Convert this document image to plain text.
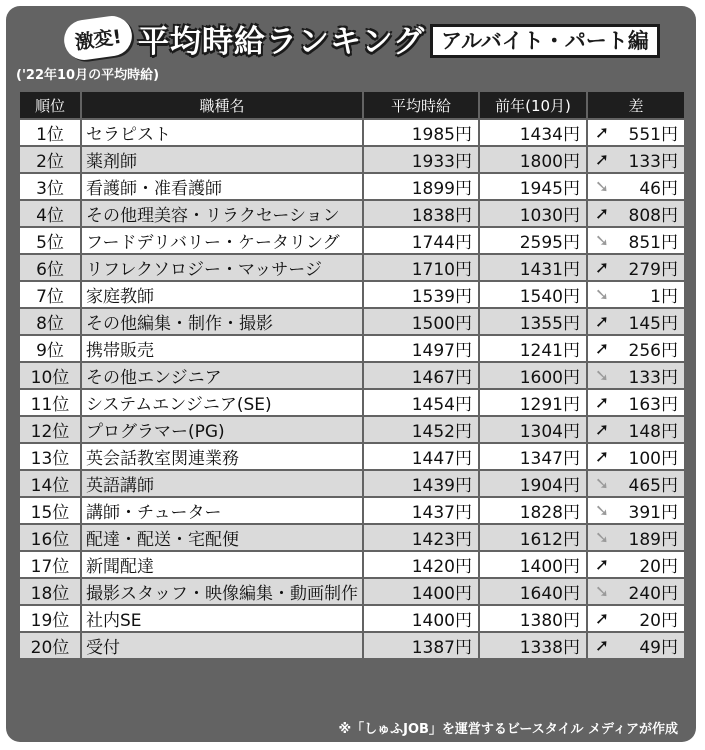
激変! 平均時給ランキング アルバイト・パート編
('22年10月の平均時給)
順位	職種名	平均時給	前年(10月)	差
1位	セラピスト	1985円	1434円	➚ 551円

2位	薬剤師	1933円	1800円	➚ 133円

3位	看護師・准看護師	1899円	1945円	➘ 46円

4位	その他理美容・リラクセーション	1838円	1030円	➚ 808円

5位	フードデリバリー・ケータリング	1744円	2595円	➘ 851円

6位	リフレクソロジー・マッサージ	1710円	1431円	➚ 279円

7位	家庭教師	1539円	1540円	➘ 1円

8位	その他編集・制作・撮影	1500円	1355円	➚ 145円

9位	携帯販売	1497円	1241円	➚ 256円

10位	その他エンジニア	1467円	1600円	➘ 133円

11位	システムエンジニア(SE)	1454円	1291円	➚ 163円

12位	プログラマー(PG)	1452円	1304円	➚ 148円

13位	英会話教室関連業務	1447円	1347円	➚ 100円

14位	英語講師	1439円	1904円	➘ 465円

15位	講師・チューター	1437円	1828円	➘ 391円

16位	配達・配送・宅配便	1423円	1612円	➘ 189円

17位	新聞配達	1420円	1400円	➚ 20円

18位	撮影スタッフ・映像編集・動画制作	1400円	1640円	➘ 240円

19位	社内SE	1400円	1380円	➚ 20円

20位	受付	1387円	1338円	➚ 49円
※「しゅふJOB」を運営するビースタイル メディアが作成
